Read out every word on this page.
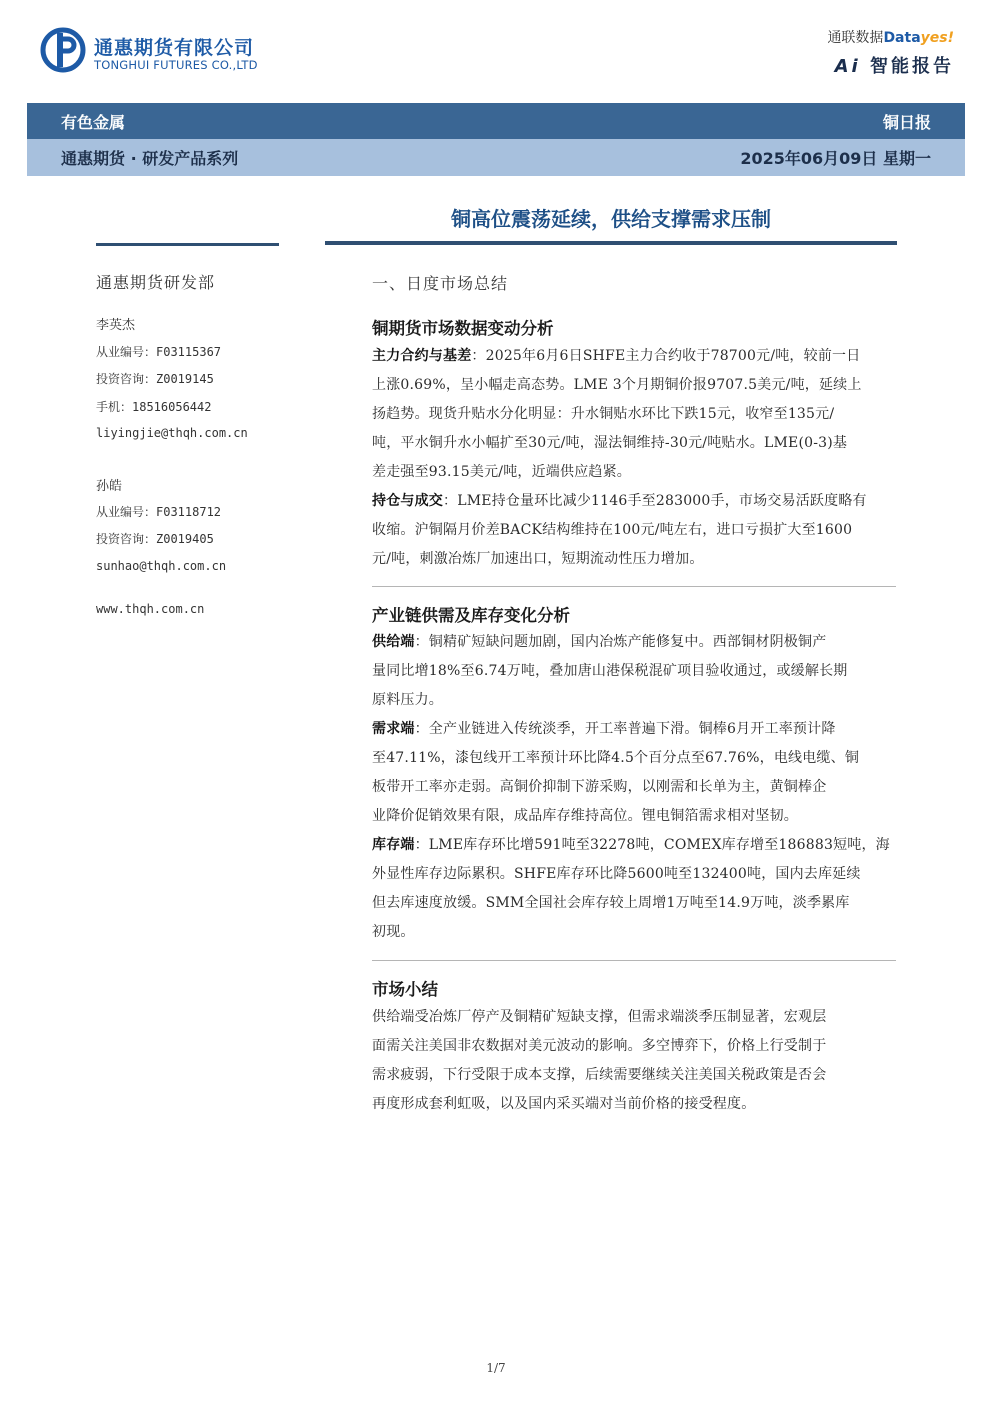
通惠期货有限公司
TONGHUI FUTURES CO.,LTD
通联数据Datayes!
Ai 智能报告
有色金属	铜日报
通惠期货 · 研发产品系列	2025年06月09日 星期一
铜高位震荡延续，供给支撑需求压制
通惠期货研发部
李英杰
从业编号：F03115367
投资咨询：Z0019145
手机：18516056442
liyingjie@thqh.com.cn
孙皓
从业编号：F03118712
投资咨询：Z0019405
sunhao@thqh.com.cn
www.thqh.com.cn
一、日度市场总结
铜期货市场数据变动分析
主力合约与基差：2025年6月6日SHFE主力合约收于78700元/吨，较前一日
上涨0.69%，呈小幅走高态势。LME 3个月期铜价报9707.5美元/吨，延续上
扬趋势。现货升贴水分化明显：升水铜贴水环比下跌15元，收窄至135元/
吨，平水铜升水小幅扩至30元/吨，湿法铜维持-30元/吨贴水。LME(0-3)基
差走强至93.15美元/吨，近端供应趋紧。
持仓与成交：LME持仓量环比减少1146手至283000手，市场交易活跃度略有
收缩。沪铜隔月价差BACK结构维持在100元/吨左右，进口亏损扩大至1600
元/吨，刺激冶炼厂加速出口，短期流动性压力增加。
产业链供需及库存变化分析
供给端：铜精矿短缺问题加剧，国内冶炼产能修复中。西部铜材阴极铜产
量同比增18%至6.74万吨，叠加唐山港保税混矿项目验收通过，或缓解长期
原料压力。
需求端：全产业链进入传统淡季，开工率普遍下滑。铜棒6月开工率预计降
至47.11%，漆包线开工率预计环比降4.5个百分点至67.76%，电线电缆、铜
板带开工率亦走弱。高铜价抑制下游采购，以刚需和长单为主，黄铜棒企
业降价促销效果有限，成品库存维持高位。锂电铜箔需求相对坚韧。
库存端：LME库存环比增591吨至32278吨，COMEX库存增至186883短吨，海
外显性库存边际累积。SHFE库存环比降5600吨至132400吨，国内去库延续
但去库速度放缓。SMM全国社会库存较上周增1万吨至14.9万吨，淡季累库
初现。
市场小结
供给端受冶炼厂停产及铜精矿短缺支撑，但需求端淡季压制显著，宏观层
面需关注美国非农数据对美元波动的影响。多空博弈下，价格上行受制于
需求疲弱，下行受限于成本支撑，后续需要继续关注美国关税政策是否会
再度形成套利虹吸，以及国内采买端对当前价格的接受程度。
1/7
